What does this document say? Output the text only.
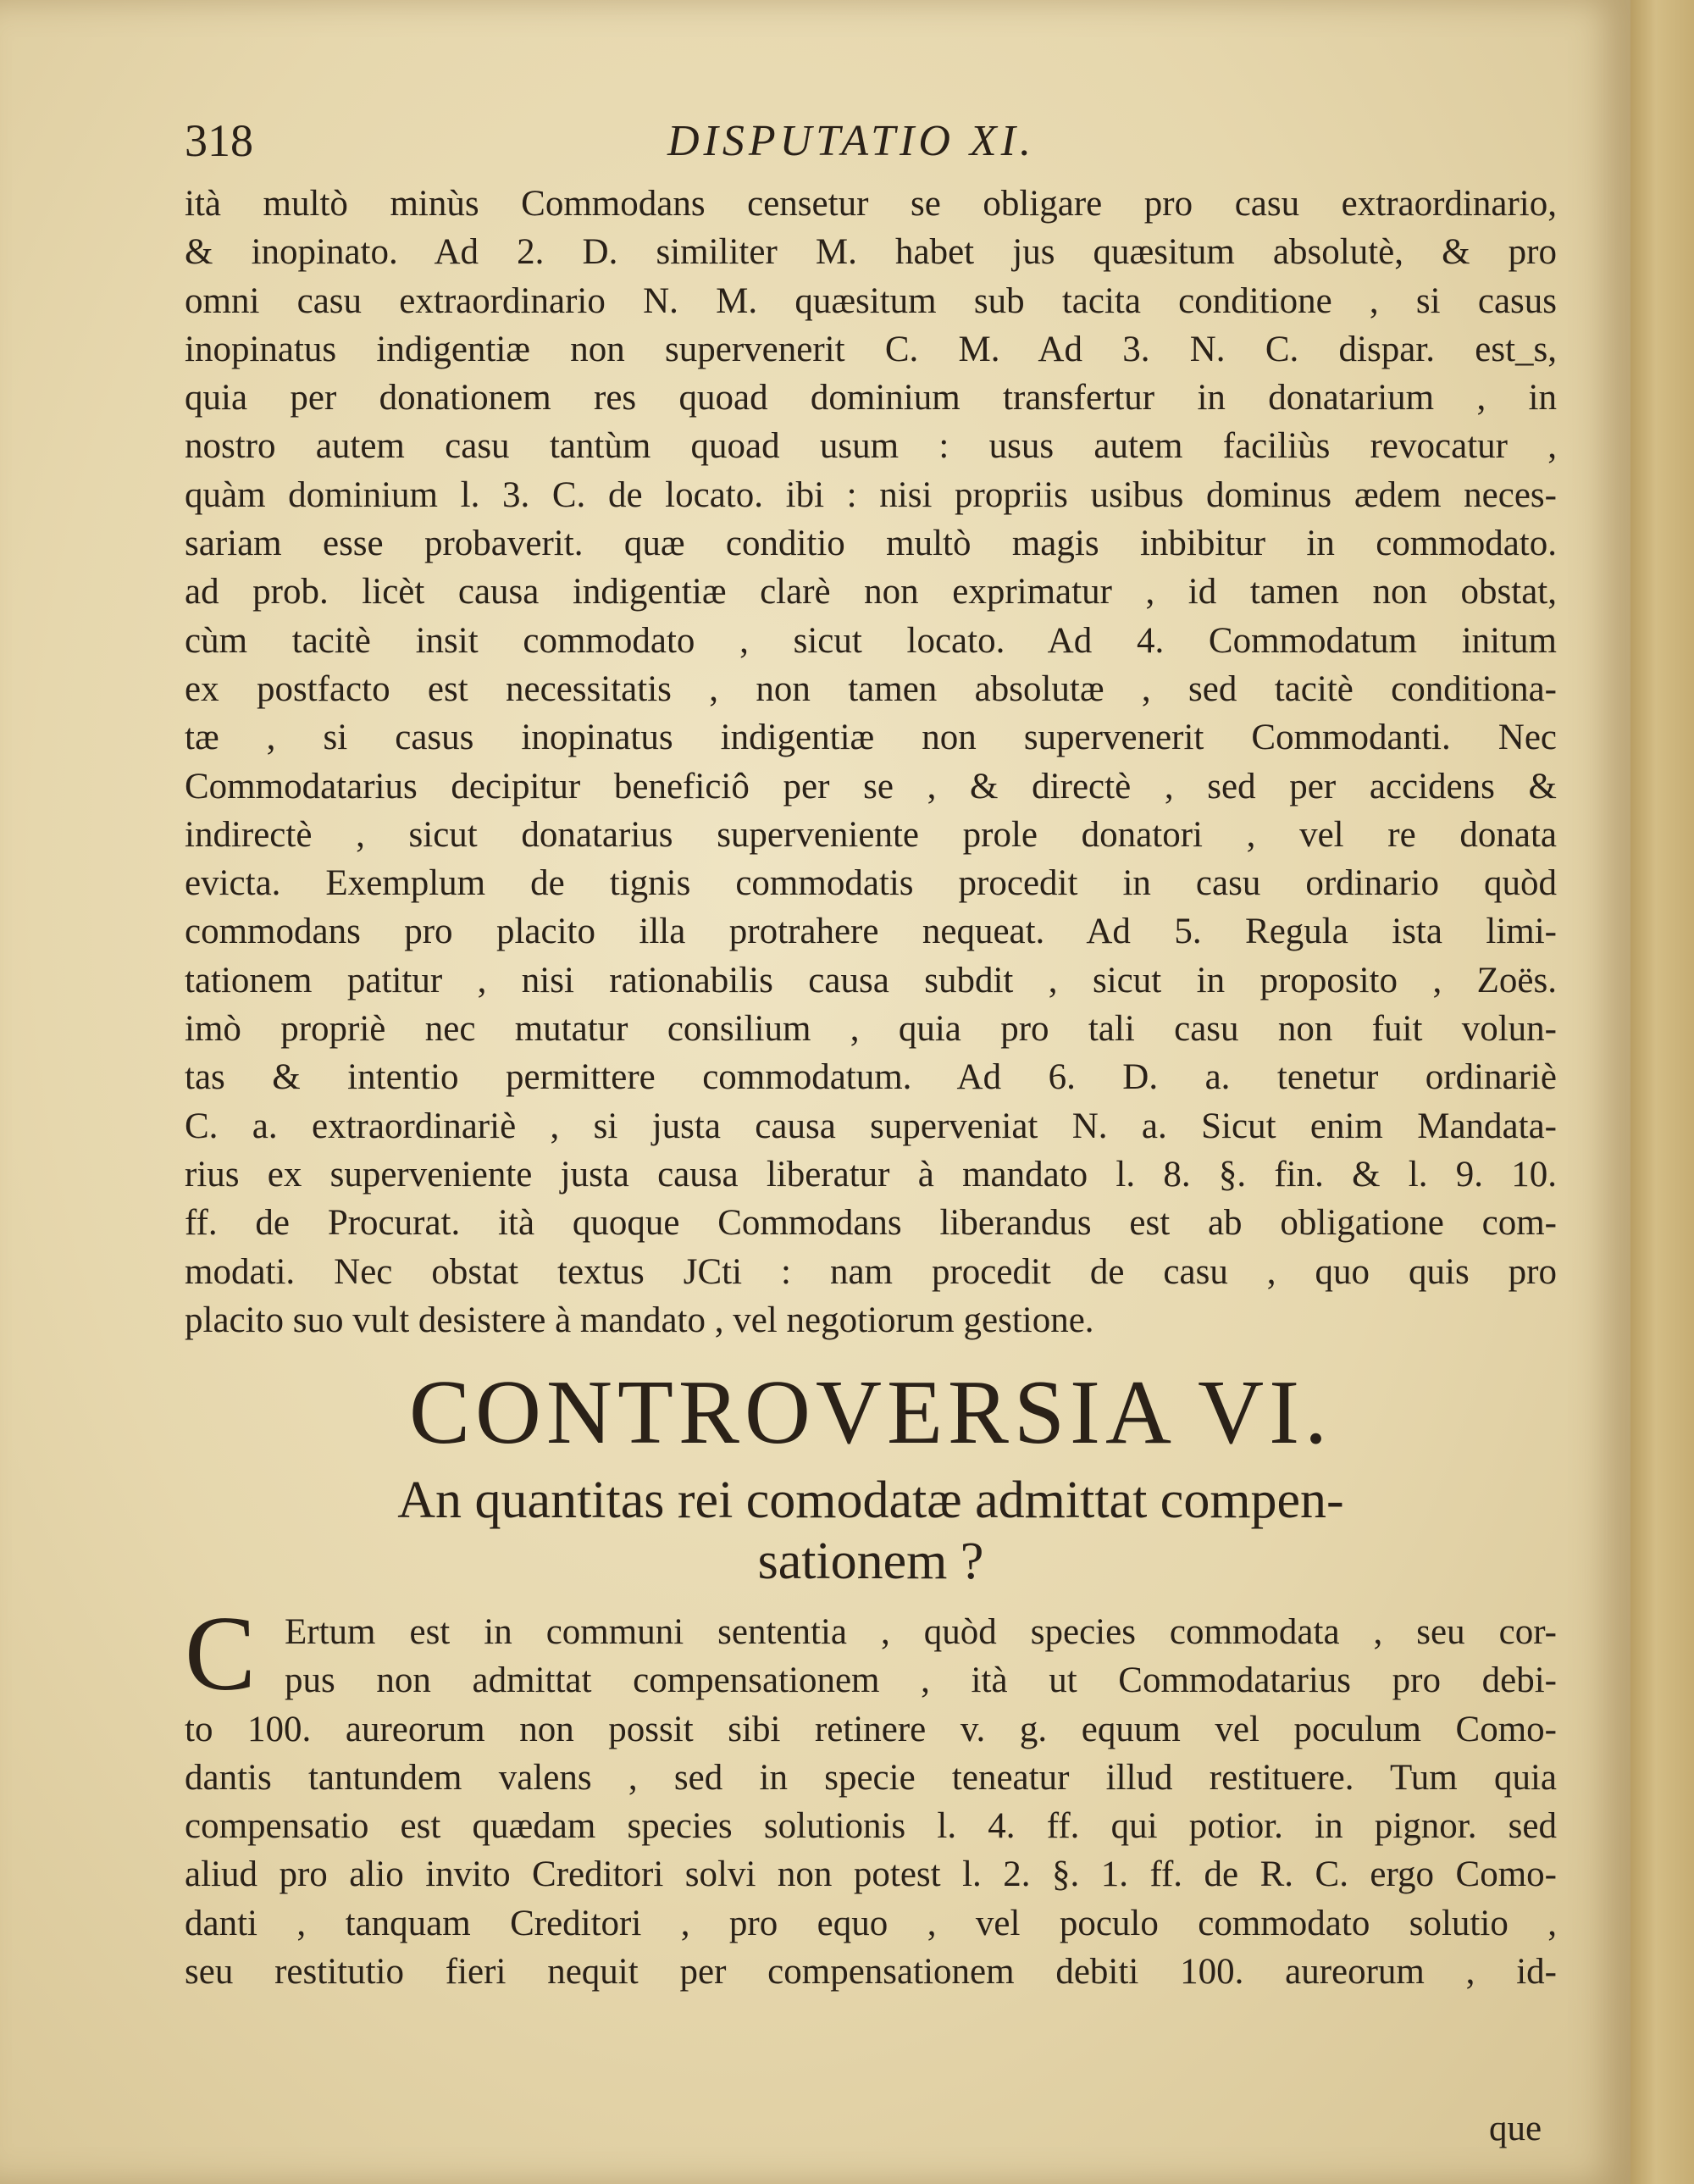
318	DISPUTATIO XI.
ità multò minùs Commodans censetur se obligare pro casu extraordinario,
& inopinato. Ad 2. D. similiter M. habet jus quæsitum absolutè, & pro
omni casu extraordinario N. M. quæsitum sub tacita conditione , si casus
inopinatus indigentiæ non supervenerit C. M. Ad 3. N. C. dispar. est_s,
quia per donationem res quoad dominium transfertur in donatarium , in
nostro autem casu tantùm quoad usum : usus autem faciliùs revocatur ,
quàm dominium l. 3. C. de locato. ibi : nisi propriis usibus dominus ædem neces-
sariam esse probaverit. quæ conditio multò magis inbibitur in commodato.
ad prob. licèt causa indigentiæ clarè non exprimatur , id tamen non obstat,
cùm tacitè insit commodato , sicut locato. Ad 4. Commodatum initum
ex postfacto est necessitatis , non tamen absolutæ , sed tacitè conditiona-
tæ , si casus inopinatus indigentiæ non supervenerit Commodanti. Nec
Commodatarius decipitur beneficiô per se , & directè , sed per accidens &
indirectè , sicut donatarius superveniente prole donatori , vel re donata
evicta. Exemplum de tignis commodatis procedit in casu ordinario quòd
commodans pro placito illa protrahere nequeat. Ad 5. Regula ista limi-
tationem patitur , nisi rationabilis causa subdit , sicut in proposito , Zoës.
imò propriè nec mutatur consilium , quia pro tali casu non fuit volun-
tas & intentio permittere commodatum. Ad 6. D. a. tenetur ordinariè
C. a. extraordinariè , si justa causa superveniat N. a. Sicut enim Mandata-
rius ex superveniente justa causa liberatur à mandato l. 8. §. fin. & l. 9. 10.
ff. de Procurat. ità quoque Commodans liberandus est ab obligatione com-
modati. Nec obstat textus JCti : nam procedit de casu , quo quis pro
placito suo vult desistere à mandato , vel negotiorum gestione.
CONTROVERSIA VI.
An quantitas rei comodatæ admittat compen-
sationem ?
C Ertum est in communi sententia , quòd species commodata , seu cor-
pus non admittat compensationem , ità ut Commodatarius pro debi-
to 100. aureorum non possit sibi retinere v. g. equum vel poculum Como-
dantis tantundem valens , sed in specie teneatur illud restituere. Tum quia
compensatio est quædam species solutionis l. 4. ff. qui potior. in pignor. sed
aliud pro alio invito Creditori solvi non potest l. 2. §. 1. ff. de R. C. ergo Como-
danti , tanquam Creditori , pro equo , vel poculo commodato solutio ,
seu restitutio fieri nequit per compensationem debiti 100. aureorum , id-
que
